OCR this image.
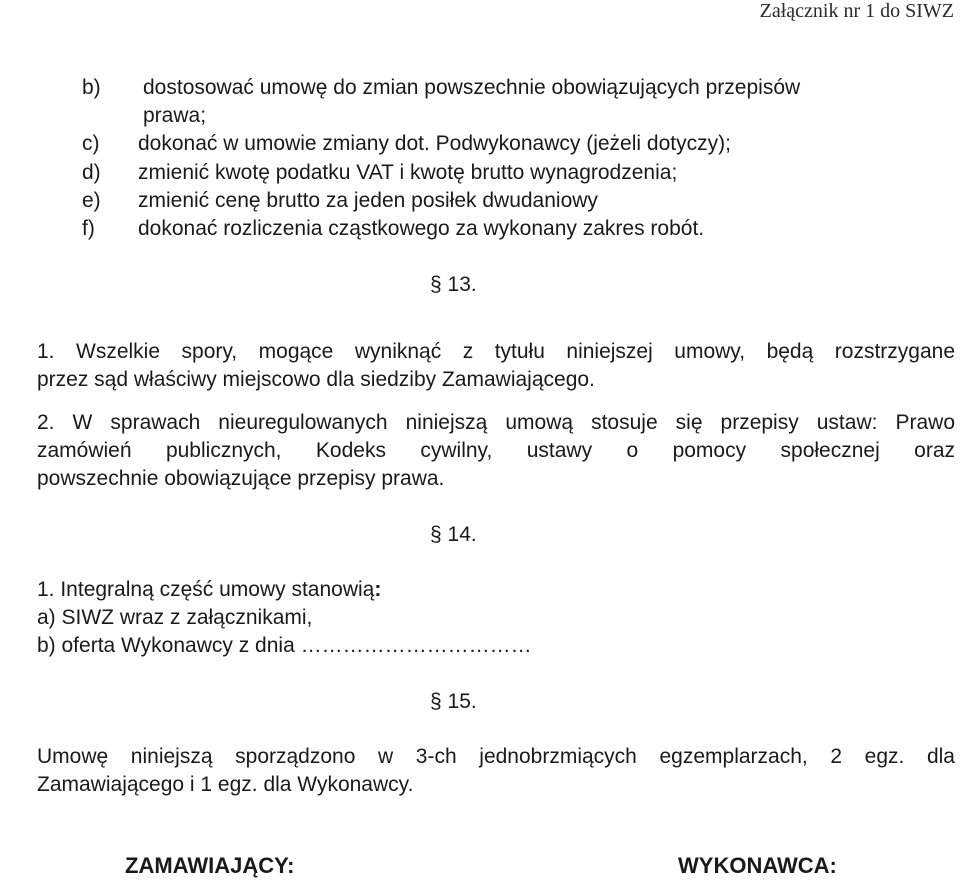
Załącznik nr 1 do SIWZ
b) dostosować umowę do zmian powszechnie obowiązujących przepisów
prawa;
c) dokonać w umowie zmiany dot. Podwykonawcy (jeżeli dotyczy);
d) zmienić kwotę podatku VAT i kwotę brutto wynagrodzenia;
e) zmienić cenę brutto za jeden posiłek dwudaniowy
f) dokonać rozliczenia cząstkowego za wykonany zakres robót.
§ 13.
1. Wszelkie spory, mogące wyniknąć z tytułu niniejszej umowy, będą rozstrzygane
przez sąd właściwy miejscowo dla siedziby Zamawiającego.
2. W sprawach nieuregulowanych niniejszą umową stosuje się przepisy ustaw: Prawo
zamówień publicznych, Kodeks cywilny, ustawy o pomocy społecznej oraz
powszechnie obowiązujące przepisy prawa.
§ 14.
1. Integralną część umowy stanowią:
a) SIWZ wraz z załącznikami,
b) oferta Wykonawcy z dnia ……………………………
§ 15.
Umowę niniejszą sporządzono w 3-ch jednobrzmiących egzemplarzach, 2 egz. dla
Zamawiającego i 1 egz. dla Wykonawcy.
ZAMAWIAJĄCY:	WYKONAWCA:
